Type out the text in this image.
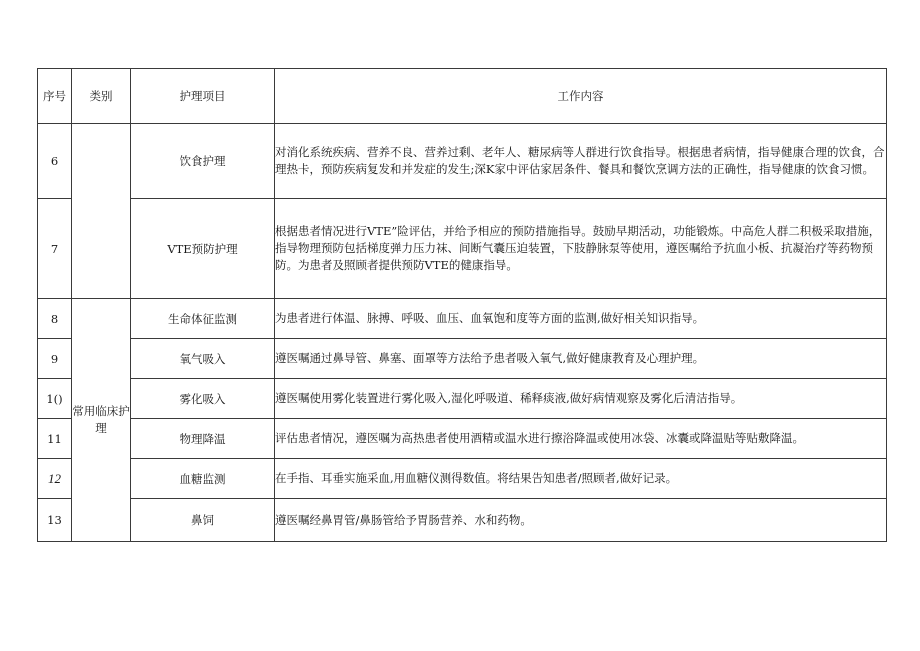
序号	类别	护理项目	工作内容
6		饮食护理	对消化系统疾病、营养不良、营养过剩、老年人、糖尿病等人群进行饮食指导。根据患者病情，指导健康合理的饮食，合理热卡，预防疾病复发和并发症的发生;深K家中评估家居条件、餐具和餐饮烹调方法的正确性，指导健康的饮食习惯。
7		VTE预防护理	根据患者情况进行VTE”险评估，并给予相应的预防措施指导。鼓励早期活动，功能锻炼。中高危人群二积极采取措施，指导物理预防包括梯度弹力压力袜、间断气囊压迫装置，下肢静脉泵等使用，遵医嘱给予抗血小板、抗凝治疗等药物预防。为患者及照顾者提供预防VTE的健康指导。
8	常用临床护理	生命体征监测	为患者进行体温、脉搏、呼吸、血压、血氧饱和度等方面的监测,做好相关知识指导。
9		氧气吸入	遵医嘱通过鼻导管、鼻塞、面罩等方法给予患者吸入氧气,做好健康教育及心理护理。
1()		雾化吸入	遵医嘱使用雾化装置进行雾化吸入,湿化呼吸道、稀释痰液,做好病情观察及雾化后清洁指导。
11		物理降温	评估患者情况，遵医嘱为高热患者使用酒精或温水进行擦浴降温或使用冰袋、冰囊或降温贴等贴敷降温。
12		血糖监测	在手指、耳垂实施采血,用血糖仪测得数值。将结果告知患者/照顾者,做好记录。
13		鼻饲	遵医嘱经鼻胃管/鼻肠管给予胃肠营养、水和药物。
